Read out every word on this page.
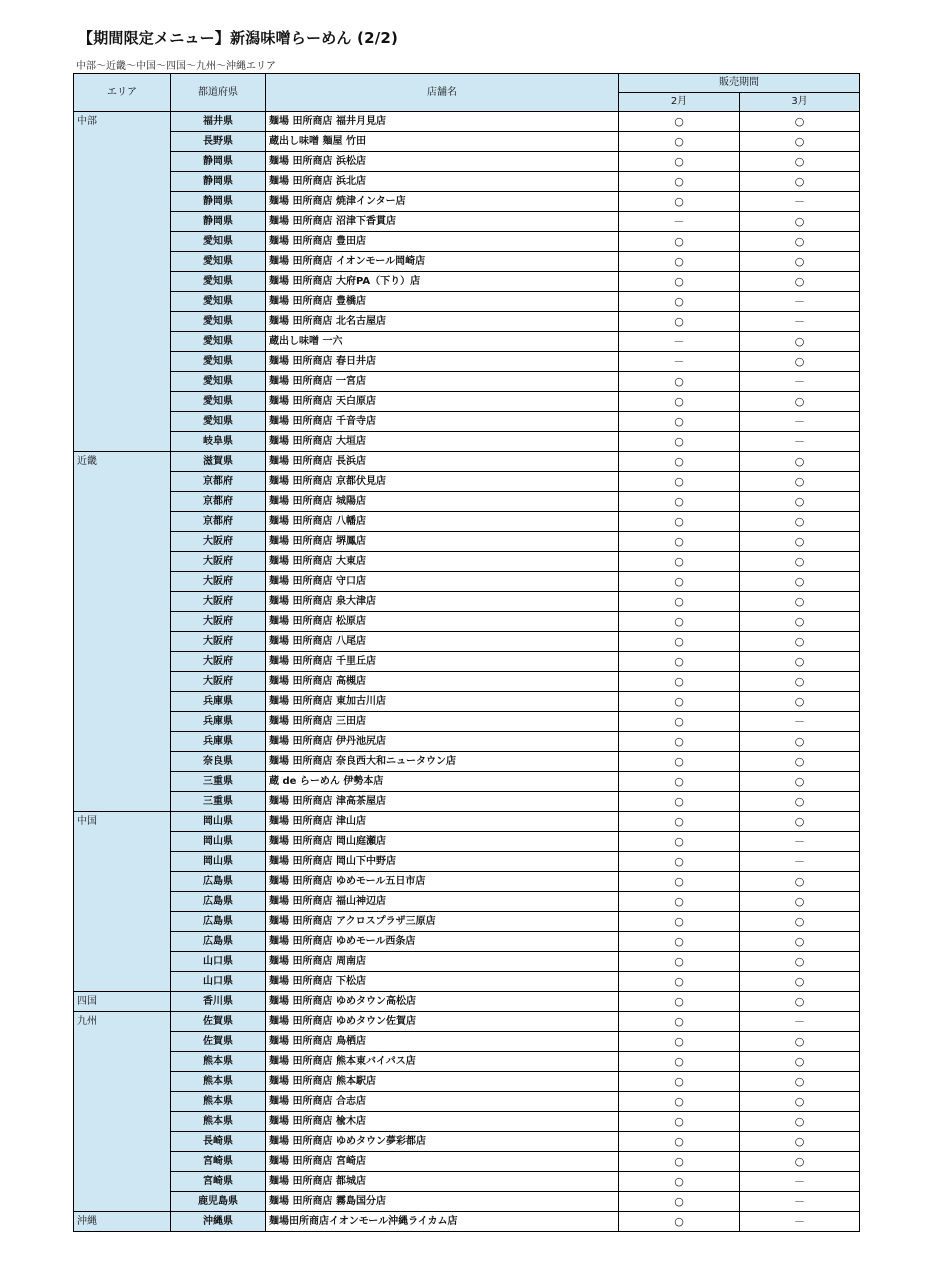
【期間限定メニュー】新潟味噌らーめん (2/2)
中部〜近畿〜中国〜四国〜九州〜沖縄エリア
エリア	都道府県	店舗名	販売期間	
			2月	3月
中部	福井県	麺場 田所商店 福井月見店	○	○
	長野県	蔵出し味噌 麺屋 竹田	○	○
	静岡県	麺場 田所商店 浜松店	○	○
	静岡県	麺場 田所商店 浜北店	○	○
	静岡県	麺場 田所商店 焼津インター店	○	－
	静岡県	麺場 田所商店 沼津下香貫店	－	○
	愛知県	麺場 田所商店 豊田店	○	○
	愛知県	麺場 田所商店 イオンモール岡崎店	○	○
	愛知県	麺場 田所商店 大府PA（下り）店	○	○
	愛知県	麺場 田所商店 豊橋店	○	－
	愛知県	麺場 田所商店 北名古屋店	○	－
	愛知県	蔵出し味噌 一六	－	○
	愛知県	麺場 田所商店 春日井店	－	○
	愛知県	麺場 田所商店 一宮店	○	－
	愛知県	麺場 田所商店 天白原店	○	○
	愛知県	麺場 田所商店 千音寺店	○	－
	岐阜県	麺場 田所商店 大垣店	○	－
近畿	滋賀県	麺場 田所商店 長浜店	○	○
	京都府	麺場 田所商店 京都伏見店	○	○
	京都府	麺場 田所商店 城陽店	○	○
	京都府	麺場 田所商店 八幡店	○	○
	大阪府	麺場 田所商店 堺鳳店	○	○
	大阪府	麺場 田所商店 大東店	○	○
	大阪府	麺場 田所商店 守口店	○	○
	大阪府	麺場 田所商店 泉大津店	○	○
	大阪府	麺場 田所商店 松原店	○	○
	大阪府	麺場 田所商店 八尾店	○	○
	大阪府	麺場 田所商店 千里丘店	○	○
	大阪府	麺場 田所商店 高槻店	○	○
	兵庫県	麺場 田所商店 東加古川店	○	○
	兵庫県	麺場 田所商店 三田店	○	－
	兵庫県	麺場 田所商店 伊丹池尻店	○	○
	奈良県	麺場 田所商店 奈良西大和ニュータウン店	○	○
	三重県	蔵 de らーめん 伊勢本店	○	○
	三重県	麺場 田所商店 津高茶屋店	○	○
中国	岡山県	麺場 田所商店 津山店	○	○
	岡山県	麺場 田所商店 岡山庭瀬店	○	－
	岡山県	麺場 田所商店 岡山下中野店	○	－
	広島県	麺場 田所商店 ゆめモール五日市店	○	○
	広島県	麺場 田所商店 福山神辺店	○	○
	広島県	麺場 田所商店 アクロスプラザ三原店	○	○
	広島県	麺場 田所商店 ゆめモール西条店	○	○
	山口県	麺場 田所商店 周南店	○	○
	山口県	麺場 田所商店 下松店	○	○
四国	香川県	麺場 田所商店 ゆめタウン高松店	○	○
九州	佐賀県	麺場 田所商店 ゆめタウン佐賀店	○	－
	佐賀県	麺場 田所商店 鳥栖店	○	○
	熊本県	麺場 田所商店 熊本東バイパス店	○	○
	熊本県	麺場 田所商店 熊本駅店	○	○
	熊本県	麺場 田所商店 合志店	○	○
	熊本県	麺場 田所商店 楡木店	○	○
	長崎県	麺場 田所商店 ゆめタウン夢彩都店	○	○
	宮崎県	麺場 田所商店 宮崎店	○	○
	宮崎県	麺場 田所商店 都城店	○	－
	鹿児島県	麺場 田所商店 霧島国分店	○	－
沖縄	沖縄県	麺場田所商店イオンモール沖縄ライカム店	○	－
